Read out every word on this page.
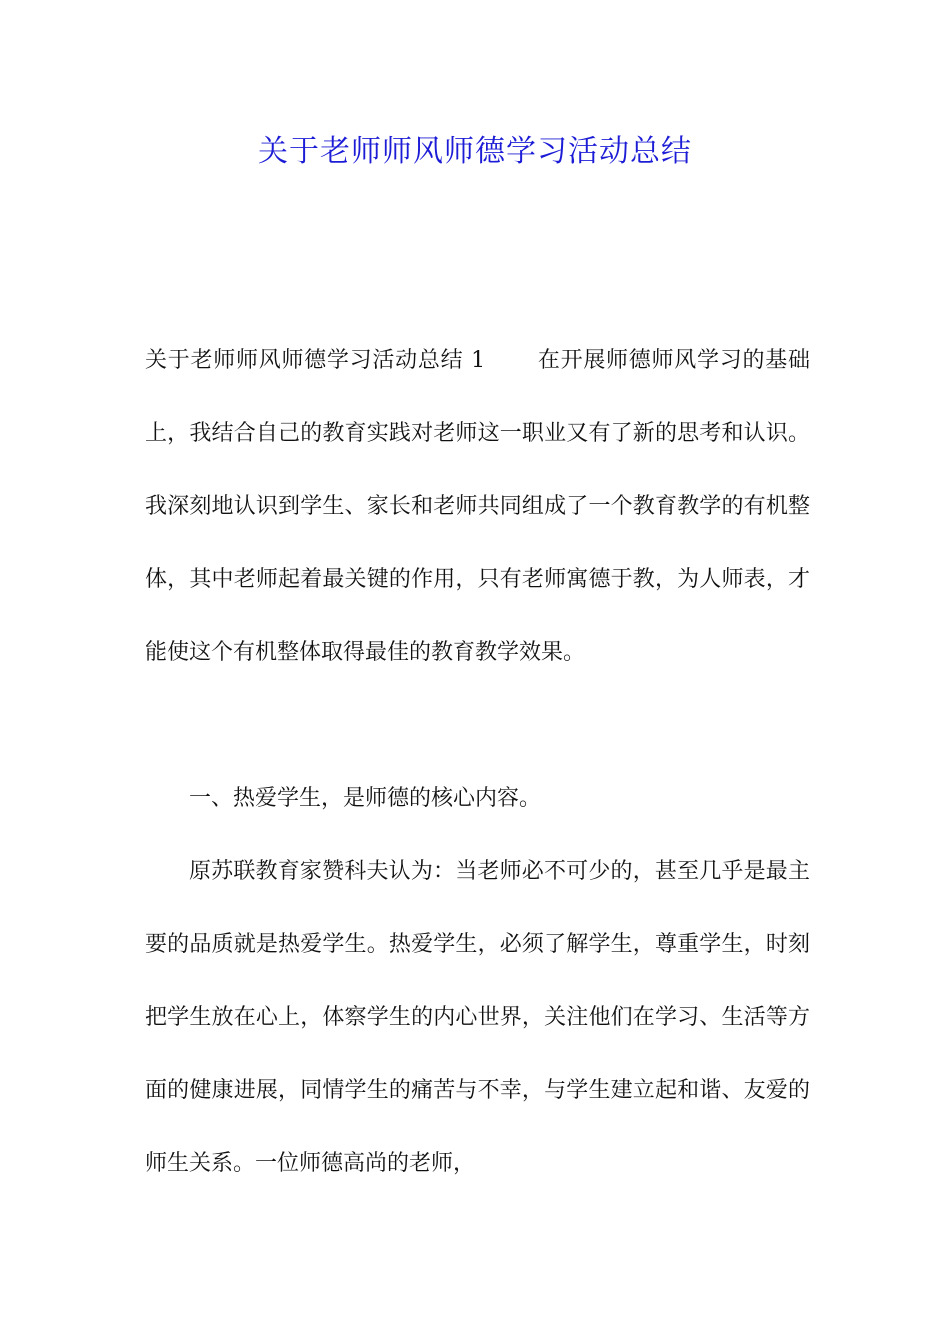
关于老师师风师德学习活动总结

关于老师师风师德学习活动总结 1 在开展师德师风学习的基础上，我结合自己的教育实践对老师这一职业又有了新的思考和认识。我深刻地认识到学生、家长和老师共同组成了一个教育教学的有机整体，其中老师起着最关键的作用，只有老师寓德于教，为人师表，才能使这个有机整体取得最佳的教育教学效果。

一、热爱学生，是师德的核心内容。

原苏联教育家赞科夫认为：当老师必不可少的，甚至几乎是最主要的品质就是热爱学生。热爱学生，必须了解学生，尊重学生，时刻把学生放在心上，体察学生的内心世界，关注他们在学习、生活等方面的健康进展，同情学生的痛苦与不幸，与学生建立起和谐、友爱的师生关系。一位师德高尚的老师，
